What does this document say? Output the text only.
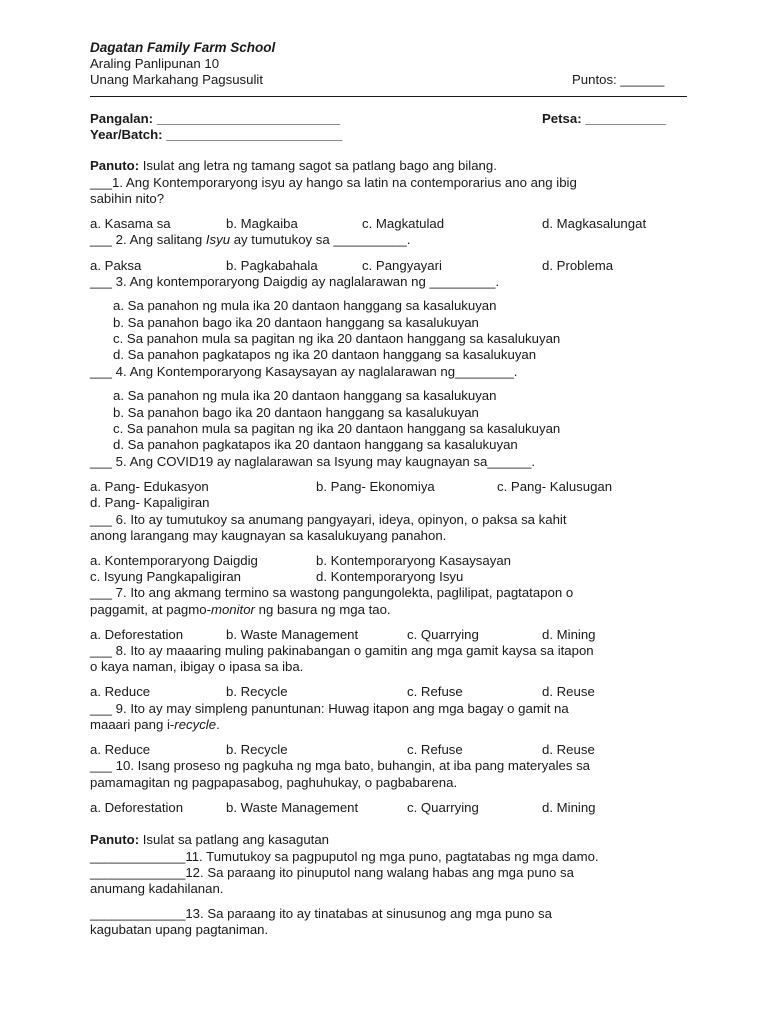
Dagatan Family Farm School
Araling Panlipunan 10
Unang Markahang Pagsusulit	Puntos: ______
Pangalan: _________________________	Petsa: ___________
Year/Batch: ________________________
Panuto: Isulat ang letra ng tamang sagot sa patlang bago ang bilang.
___1. Ang Kontemporaryong isyu ay hango sa latin na contemporarius ano ang ibig
sabihin nito?
a. Kasama sa	b. Magkaiba	c. Magkatulad	d. Magkasalungat
___ 2. Ang salitang Isyu ay tumutukoy sa __________.
a. Paksa	b. Pagkabahala	c. Pangyayari	d. Problema
___ 3. Ang kontemporaryong Daigdig ay naglalarawan ng _________.
a. Sa panahon ng mula ika 20 dantaon hanggang sa kasalukuyan
b. Sa panahon bago ika 20 dantaon hanggang sa kasalukuyan
c. Sa panahon mula sa pagitan ng ika 20 dantaon hanggang sa kasalukuyan
d. Sa panahon pagkatapos ng ika 20 dantaon hanggang sa kasalukuyan
___ 4. Ang Kontemporaryong Kasaysayan ay naglalarawan ng________.
a. Sa panahon ng mula ika 20 dantaon hanggang sa kasalukuyan
b. Sa panahon bago ika 20 dantaon hanggang sa kasalukuyan
c. Sa panahon mula sa pagitan ng ika 20 dantaon hanggang sa kasalukuyan
d. Sa panahon pagkatapos ika 20 dantaon hanggang sa kasalukuyan
___ 5. Ang COVID19 ay naglalarawan sa Isyung may kaugnayan sa______.
a. Pang- Edukasyon	b. Pang- Ekonomiya	c. Pang- Kalusugan
d. Pang- Kapaligiran
___ 6. Ito ay tumutukoy sa anumang pangyayari, ideya, opinyon, o paksa sa kahit
anong larangang may kaugnayan sa kasalukuyang panahon.
a. Kontemporaryong Daigdig	b. Kontemporaryong Kasaysayan
c. Isyung Pangkapaligiran	d. Kontemporaryong Isyu
___ 7. Ito ang akmang termino sa wastong pangungolekta, paglilipat, pagtatapon o
paggamit, at pagmo-monitor ng basura ng mga tao.
a. Deforestation	b. Waste Management	c. Quarrying	d. Mining
___ 8. Ito ay maaaring muling pakinabangan o gamitin ang mga gamit kaysa sa itapon
o kaya naman, ibigay o ipasa sa iba.
a. Reduce	b. Recycle	c. Refuse	d. Reuse
___ 9. Ito ay may simpleng panuntunan: Huwag itapon ang mga bagay o gamit na
maaari pang i-recycle.
a. Reduce	b. Recycle	c. Refuse	d. Reuse
___ 10. Isang proseso ng pagkuha ng mga bato, buhangin, at iba pang materyales sa
pamamagitan ng pagpapasabog, paghuhukay, o pagbabarena.
a. Deforestation	b. Waste Management	c. Quarrying	d. Mining
Panuto: Isulat sa patlang ang kasagutan
_____________11. Tumutukoy sa pagpuputol ng mga puno, pagtatabas ng mga damo.
_____________12. Sa paraang ito pinuputol nang walang habas ang mga puno sa
anumang kadahilanan.
_____________13. Sa paraang ito ay tinatabas at sinusunog ang mga puno sa
kagubatan upang pagtaniman.
